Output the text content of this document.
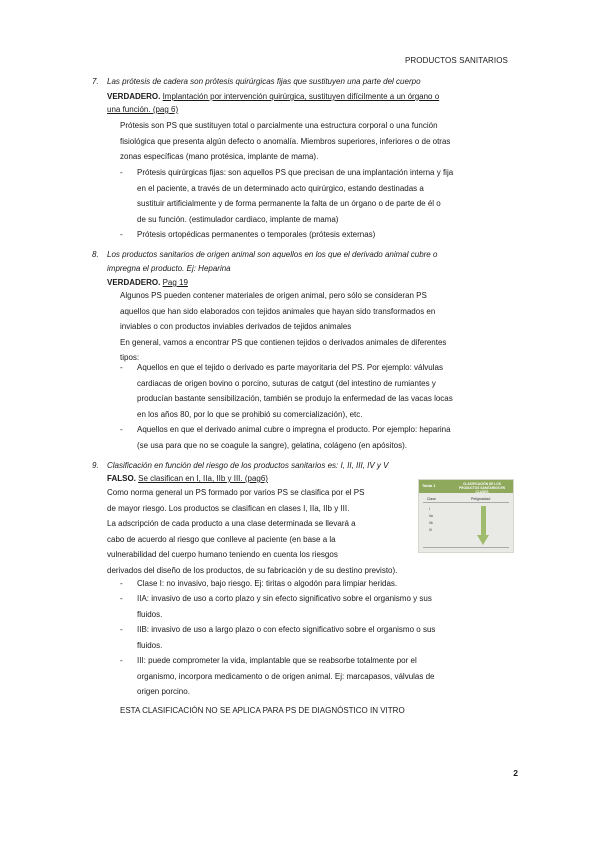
PRODUCTOS SANITARIOS
7. Las prótesis de cadera son prótesis quirúrgicas fijas que sustituyen una parte del cuerpo
VERDADERO. Implantación por intervención quirúrgica, sustituyen difícilmente a un órgano o
una función. (pag 6)
Prótesis son PS que sustituyen total o parcialmente una estructura corporal o una función
fisiológica que presenta algún defecto o anomalía. Miembros superiores, inferiores o de otras
zonas específicas (mano protésica, implante de mama).
- Prótesis quirúrgicas fijas: son aquellos PS que precisan de una implantación interna y fija
en el paciente, a través de un determinado acto quirúrgico, estando destinadas a
sustituir artificialmente y de forma permanente la falta de un órgano o de parte de él o
de su función. (estimulador cardiaco, implante de mama)
- Prótesis ortopédicas permanentes o temporales (prótesis externas)
8. Los productos sanitarios de origen animal son aquellos en los que el derivado animal cubre o
impregna el producto. Ej: Heparina
VERDADERO. Pag 19
Algunos PS pueden contener materiales de origen animal, pero sólo se consideran PS
aquellos que han sido elaborados con tejidos animales que hayan sido transformados en
inviables o con productos inviables derivados de tejidos animales
En general, vamos a encontrar PS que contienen tejidos o derivados animales de diferentes
tipos:
- Aquellos en que el tejido o derivado es parte mayoritaria del PS. Por ejemplo: válvulas
cardiacas de origen bovino o porcino, suturas de catgut (del intestino de rumiantes y
producían bastante sensibilización, también se produjo la enfermedad de las vacas locas
en los años 80, por lo que se prohibió su comercialización), etc.
- Aquellos en que el derivado animal cubre o impregna el producto. Por ejemplo: heparina
(se usa para que no se coagule la sangre), gelatina, colágeno (en apósitos).
9. Clasificación en función del riesgo de los productos sanitarios es: I, II, III, IV y V
FALSO. Se clasifican en I, IIa, IIb y III. (pag6)
Como norma general un PS formado por varios PS se clasifica por el PS
de mayor riesgo. Los productos se clasifican en clases I, IIa, IIb y III.
La adscripción de cada producto a una clase determinada se llevará a
cabo de acuerdo al riesgo que conlleve al paciente (en base a la
vulnerabilidad del cuerpo humano teniendo en cuenta los riesgos
derivados del diseño de los productos, de su fabricación y de su destino previsto).
Tabla 1	CLASIFICACIÓN DE LOS PRODUCTOS SANITARIOS EN CLASES
Clase	Peligrosidad
I
IIa
IIb
III
- Clase I: no invasivo, bajo riesgo. Ej: tiritas o algodón para limpiar heridas.
- IIA: invasivo de uso a corto plazo y sin efecto significativo sobre el organismo y sus
fluidos.
- IIB: invasivo de uso a largo plazo o con efecto significativo sobre el organismo o sus
fluidos.
- III: puede comprometer la vida, implantable que se reabsorbe totalmente por el
organismo, incorpora medicamento o de origen animal. Ej: marcapasos, válvulas de
origen porcino.
ESTA CLASIFICACIÓN NO SE APLICA PARA PS DE DIAGNÓSTICO IN VITRO
2
